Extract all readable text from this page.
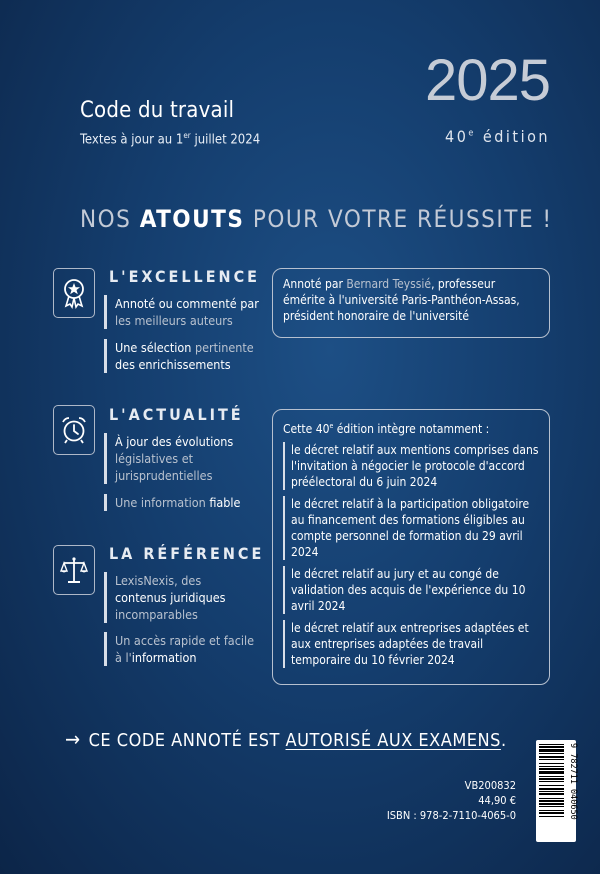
Code du travail
Textes à jour au 1er juillet 2024
2025
40e édition
NOS ATOUTS POUR VOTRE RÉUSSITE !
L'EXCELLENCE
Annoté ou commenté par
les meilleurs auteurs
Une sélection pertinente
des enrichissements
L'ACTUALITÉ
À jour des évolutions
législatives et jurisprudentielles
Une information fiable
LA RÉFÉRENCE
LexisNexis, des
contenus juridiques
incomparables
Un accès rapide et facile
à l'information
Annoté par Bernard Teyssié, professeur émérite à l'université Paris-Panthéon-Assas, président honoraire de l'université
Cette 40e édition intègre notamment :
le décret relatif aux mentions comprises dans l'invitation à négocier le protocole d'accord préélectoral du 6 juin 2024
le décret relatif à la participation obligatoire au financement des formations éligibles au compte personnel de formation du 29 avril 2024
le décret relatif au jury et au congé de validation des acquis de l'expérience du 10 avril 2024
le décret relatif aux entreprises adaptées et aux entreprises adaptées de travail temporaire du 10 février 2024
→ CE CODE ANNOTÉ EST AUTORISÉ AUX EXAMENS.
VB200832
44,90 €
ISBN : 978-2-7110-4065-0	9 782711 040650
